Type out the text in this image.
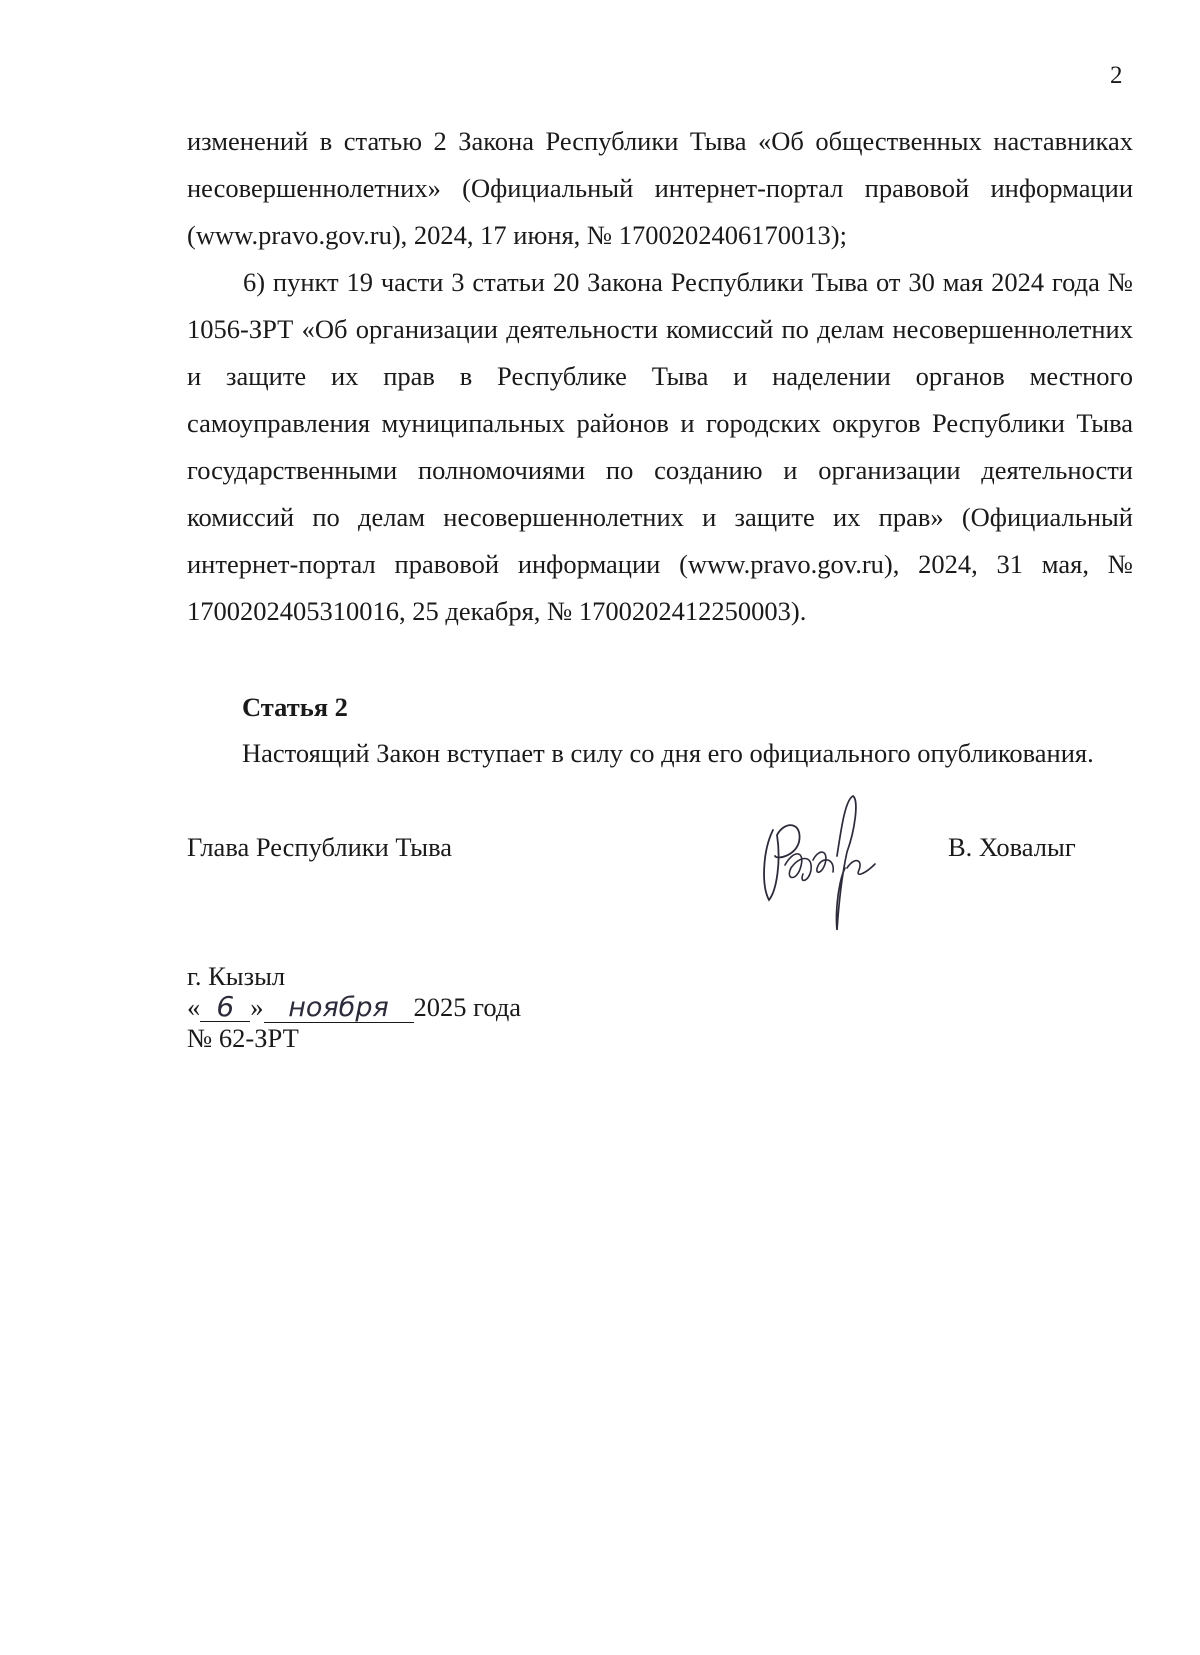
2

изменений в статью 2 Закона Республики Тыва «Об общественных наставниках несовершеннолетних» (Официальный интернет-портал правовой информации (www.pravo.gov.ru), 2024, 17 июня, № 1700202406170013);

6) пункт 19 части 3 статьи 20 Закона Республики Тыва от 30 мая 2024 года № 1056-ЗРТ «Об организации деятельности комиссий по делам несовершеннолетних и защите их прав в Республике Тыва и наделении органов местного самоуправления муниципальных районов и городских округов Республики Тыва государственными полномочиями по созданию и организации деятельности комиссий по делам несовершеннолетних и защите их прав» (Официальный интернет-портал правовой информации (www.pravo.gov.ru), 2024, 31 мая, № 1700202405310016, 25 декабря, № 1700202412250003).

Статья 2
Настоящий Закон вступает в силу со дня его официального опубликования.
Глава Республики Тыва	В. Ховалыг
г. Кызыл
« 6 » ноября 2025 года
№ 62-ЗРТ
